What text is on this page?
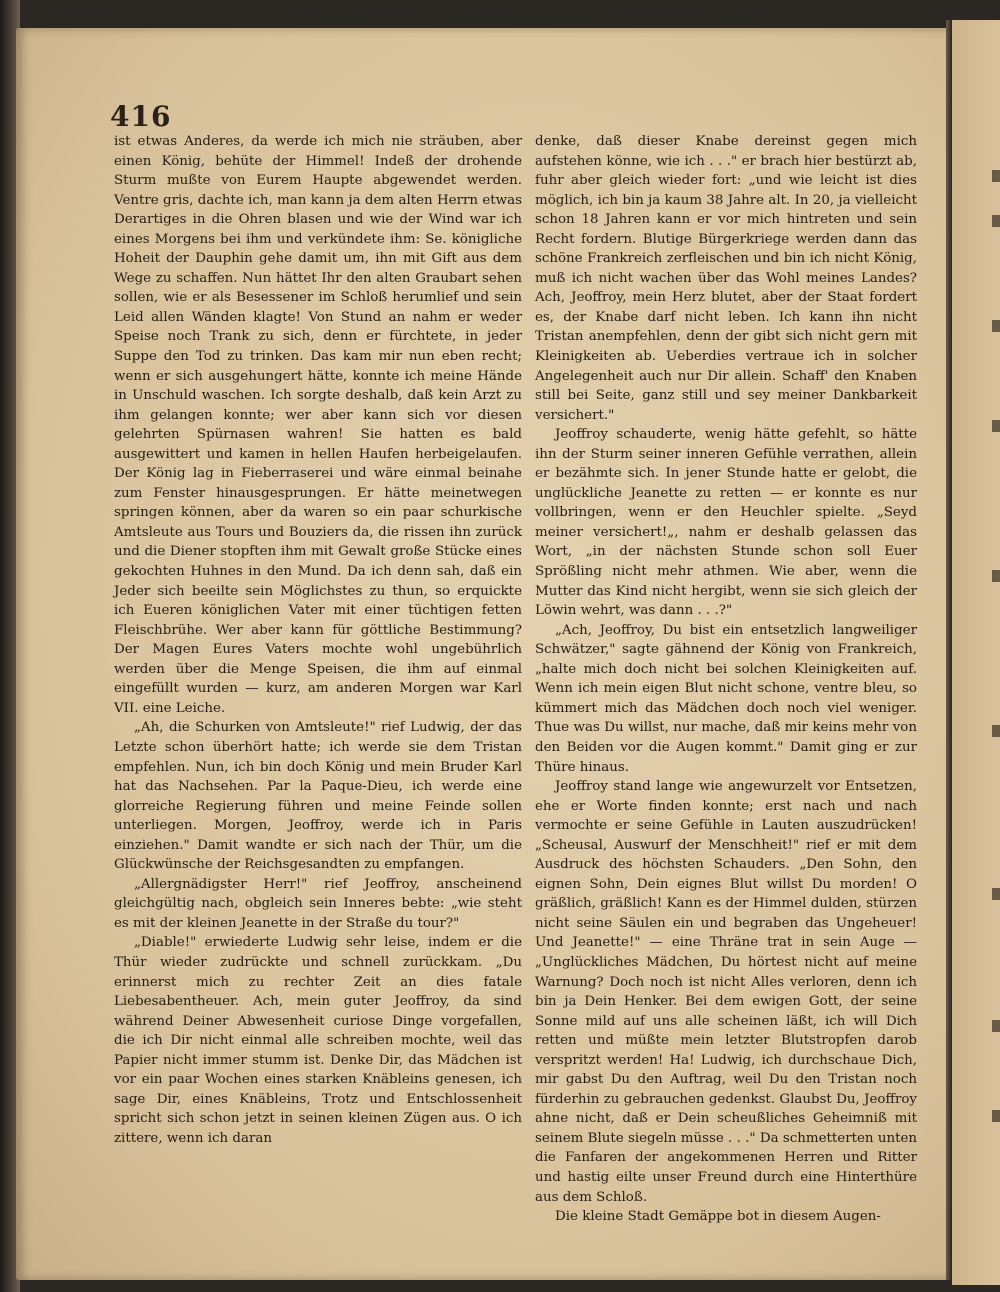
416

ist etwas Anderes, da werde ich mich nie sträuben, aber einen König, behüte der Himmel! Indeß der drohende Sturm mußte von Eurem Haupte abgewendet werden. Ventre gris, dachte ich, man kann ja dem alten Herrn etwas Derartiges in die Ohren blasen und wie der Wind war ich eines Morgens bei ihm und verkündete ihm: Se. königliche Hoheit der Dauphin gehe damit um, ihn mit Gift aus dem Wege zu schaffen. Nun hättet Ihr den alten Graubart sehen sollen, wie er als Besessener im Schloß herumlief und sein Leid allen Wänden klagte! Von Stund an nahm er weder Speise noch Trank zu sich, denn er fürchtete, in jeder Suppe den Tod zu trinken. Das kam mir nun eben recht; wenn er sich ausgehungert hätte, konnte ich meine Hände in Unschuld waschen. Ich sorgte deshalb, daß kein Arzt zu ihm gelangen konnte; wer aber kann sich vor diesen gelehrten Spürnasen wahren! Sie hatten es bald ausgewittert und kamen in hellen Haufen herbeigelaufen. Der König lag in Fieberraserei und wäre einmal beinahe zum Fenster hinausgesprungen. Er hätte meinetwegen springen können, aber da waren so ein paar schurkische Amtsleute aus Tours und Bouziers da, die rissen ihn zurück und die Diener stopften ihm mit Gewalt große Stücke eines gekochten Huhnes in den Mund. Da ich denn sah, daß ein Jeder sich beeilte sein Möglichstes zu thun, so erquickte ich Eueren königlichen Vater mit einer tüchtigen fetten Fleischbrühe. Wer aber kann für göttliche Bestimmung? Der Magen Eures Vaters mochte wohl ungebührlich werden über die Menge Speisen, die ihm auf einmal eingefüllt wurden — kurz, am anderen Morgen war Karl VII. eine Leiche.

„Ah, die Schurken von Amtsleute!" rief Ludwig, der das Letzte schon überhört hatte; ich werde sie dem Tristan empfehlen. Nun, ich bin doch König und mein Bruder Karl hat das Nachsehen. Par la Paque-Dieu, ich werde eine glorreiche Regierung führen und meine Feinde sollen unterliegen. Morgen, Jeoffroy, werde ich in Paris einziehen." Damit wandte er sich nach der Thür, um die Glückwünsche der Reichsgesandten zu empfangen.

„Allergnädigster Herr!" rief Jeoffroy, anscheinend gleichgültig nach, obgleich sein Inneres bebte: „wie steht es mit der kleinen Jeanette in der Straße du tour?"

„Diable!" erwiederte Ludwig sehr leise, indem er die Thür wieder zudrückte und schnell zurückkam. „Du erinnerst mich zu rechter Zeit an dies fatale Liebesabentheuer. Ach, mein guter Jeoffroy, da sind während Deiner Abwesenheit curiose Dinge vorgefallen, die ich Dir nicht einmal alle schreiben mochte, weil das Papier nicht immer stumm ist. Denke Dir, das Mädchen ist vor ein paar Wochen eines starken Knäbleins genesen, ich sage Dir, eines Knäbleins, Trotz und Entschlossenheit spricht sich schon jetzt in seinen kleinen Zügen aus. O ich zittere, wenn ich daran

denke, daß dieser Knabe dereinst gegen mich aufstehen könne, wie ich . . ." er brach hier bestürzt ab, fuhr aber gleich wieder fort: „und wie leicht ist dies möglich, ich bin ja kaum 38 Jahre alt. In 20, ja vielleicht schon 18 Jahren kann er vor mich hintreten und sein Recht fordern. Blutige Bürgerkriege werden dann das schöne Frankreich zerfleischen und bin ich nicht König, muß ich nicht wachen über das Wohl meines Landes? Ach, Jeoffroy, mein Herz blutet, aber der Staat fordert es, der Knabe darf nicht leben. Ich kann ihn nicht Tristan anempfehlen, denn der gibt sich nicht gern mit Kleinigkeiten ab. Ueberdies vertraue ich in solcher Angelegenheit auch nur Dir allein. Schaff' den Knaben still bei Seite, ganz still und sey meiner Dankbarkeit versichert."

Jeoffroy schauderte, wenig hätte gefehlt, so hätte ihn der Sturm seiner inneren Gefühle verrathen, allein er bezähmte sich. In jener Stunde hatte er gelobt, die unglückliche Jeanette zu retten — er konnte es nur vollbringen, wenn er den Heuchler spielte. „Seyd meiner versichert!„, nahm er deshalb gelassen das Wort, „in der nächsten Stunde schon soll Euer Sprößling nicht mehr athmen. Wie aber, wenn die Mutter das Kind nicht hergibt, wenn sie sich gleich der Löwin wehrt, was dann . . .?"

„Ach, Jeoffroy, Du bist ein entsetzlich langweiliger Schwätzer," sagte gähnend der König von Frankreich, „halte mich doch nicht bei solchen Kleinigkeiten auf. Wenn ich mein eigen Blut nicht schone, ventre bleu, so kümmert mich das Mädchen doch noch viel weniger. Thue was Du willst, nur mache, daß mir keins mehr von den Beiden vor die Augen kommt." Damit ging er zur Thüre hinaus.

Jeoffroy stand lange wie angewurzelt vor Entsetzen, ehe er Worte finden konnte; erst nach und nach vermochte er seine Gefühle in Lauten auszudrücken! „Scheusal, Auswurf der Menschheit!" rief er mit dem Ausdruck des höchsten Schauders. „Den Sohn, den eignen Sohn, Dein eignes Blut willst Du morden! O gräßlich, gräßlich! Kann es der Himmel dulden, stürzen nicht seine Säulen ein und begraben das Ungeheuer! Und Jeanette!" — eine Thräne trat in sein Auge — „Unglückliches Mädchen, Du hörtest nicht auf meine Warnung? Doch noch ist nicht Alles verloren, denn ich bin ja Dein Henker. Bei dem ewigen Gott, der seine Sonne mild auf uns alle scheinen läßt, ich will Dich retten und müßte mein letzter Blutstropfen darob verspritzt werden! Ha! Ludwig, ich durchschaue Dich, mir gabst Du den Auftrag, weil Du den Tristan noch fürderhin zu gebrauchen gedenkst. Glaubst Du, Jeoffroy ahne nicht, daß er Dein scheußliches Geheimniß mit seinem Blute siegeln müsse . . ." Da schmetterten unten die Fanfaren der angekommenen Herren und Ritter und hastig eilte unser Freund durch eine Hinterthüre aus dem Schloß.

Die kleine Stadt Gemäppe bot in diesem Augen-
